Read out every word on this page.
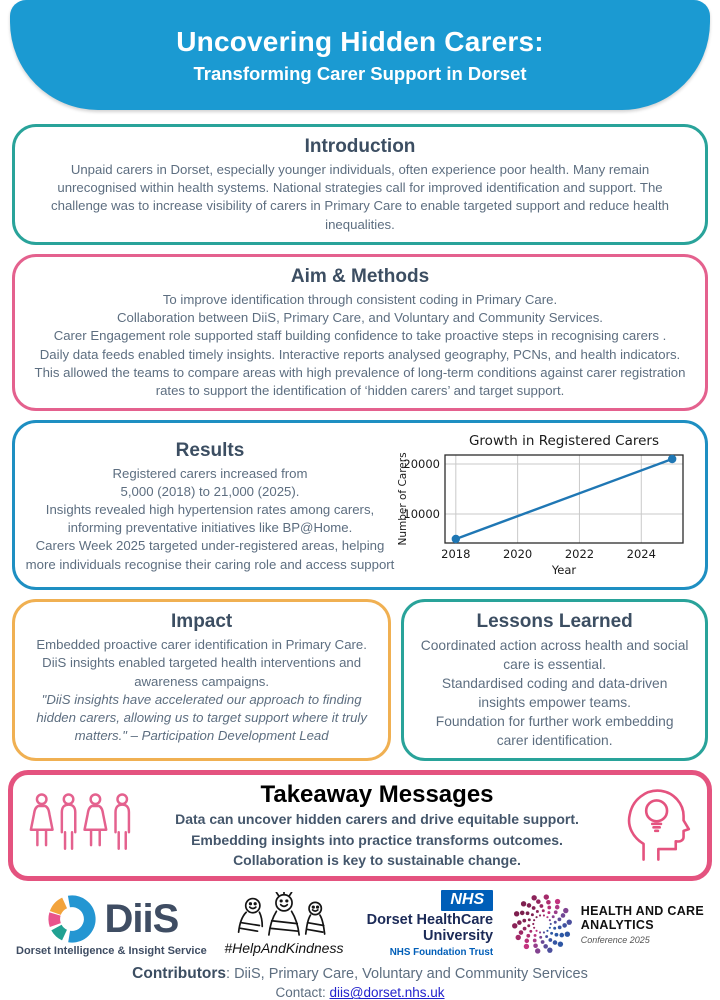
Uncovering Hidden Carers:
Transforming Carer Support in Dorset
Introduction
Unpaid carers in Dorset, especially younger individuals, often experience poor health. Many remain unrecognised within health systems. National strategies call for improved identification and support. The challenge was to increase visibility of carers in Primary Care to enable targeted support and reduce health inequalities.
Aim & Methods
To improve identification through consistent coding in Primary Care.
Collaboration between DiiS, Primary Care, and Voluntary and Community Services.
Carer Engagement role supported staff building confidence to take proactive steps in recognising carers .
Daily data feeds enabled timely insights. Interactive reports analysed geography, PCNs, and health indicators. This allowed the teams to compare areas with high prevalence of long-term conditions against carer registration rates to support the identification of ‘hidden carers’ and target support.
Results
Registered carers increased from
5,000 (2018) to 21,000 (2025).
Insights revealed high hypertension rates among carers,
informing preventative initiatives like BP@Home.
Carers Week 2025 targeted under-registered areas, helping more individuals recognise their caring role and access support
2018	2020	2022	2024
10000
20000
Growth in Registered Carers
Year
Number of Carers
Impact
Embedded proactive carer identification in Primary Care.
DiiS insights enabled targeted health interventions and awareness campaigns.
"DiiS insights have accelerated our approach to finding hidden carers, allowing us to target support where it truly matters." – Participation Development Lead
Lessons Learned
Coordinated action across health and social care is essential.
Standardised coding and data-driven insights empower teams.
Foundation for further work embedding carer identification.
Takeaway Messages
Data can uncover hidden carers and drive equitable support.
Embedding insights into practice transforms outcomes.
Collaboration is key to sustainable change.
DiiS
Dorset Intelligence & Insight Service #HelpAndKindness
NHS
Dorset HealthCare
University
NHS Foundation Trust
HEALTH AND CARE
ANALYTICS
Conference 2025
Contributors: DiiS, Primary Care, Voluntary and Community Services
Contact: diis@dorset.nhs.uk
